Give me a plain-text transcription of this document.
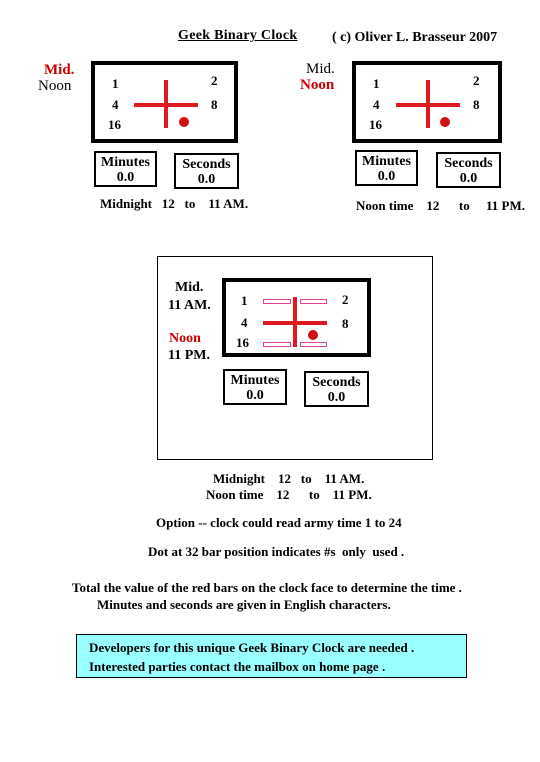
Geek Binary Clock ( c) Oliver L. Brasseur 2007
Mid.
Noon	1	2
4	8
16
Minutes
0.0
Seconds
0.0
Midnight   12   to    11 AM.
Mid.
Noon	1	2
4	8
16
Minutes
0.0
Seconds
0.0
Noon time    12      to     11 PM.
Mid.
11 AM.
Noon
11 PM.
1	2
4	8
16
Minutes
0.0
Seconds
0.0
Midnight    12   to    11 AM.
Noon time    12      to    11 PM.
Option -- clock could read army time 1 to 24
Dot at 32 bar position indicates #s  only  used .
Total the value of the red bars on the clock face to determine the time .
Minutes and seconds are given in English characters.
Developers for this unique Geek Binary Clock are needed .
Interested parties contact the mailbox on home page .
